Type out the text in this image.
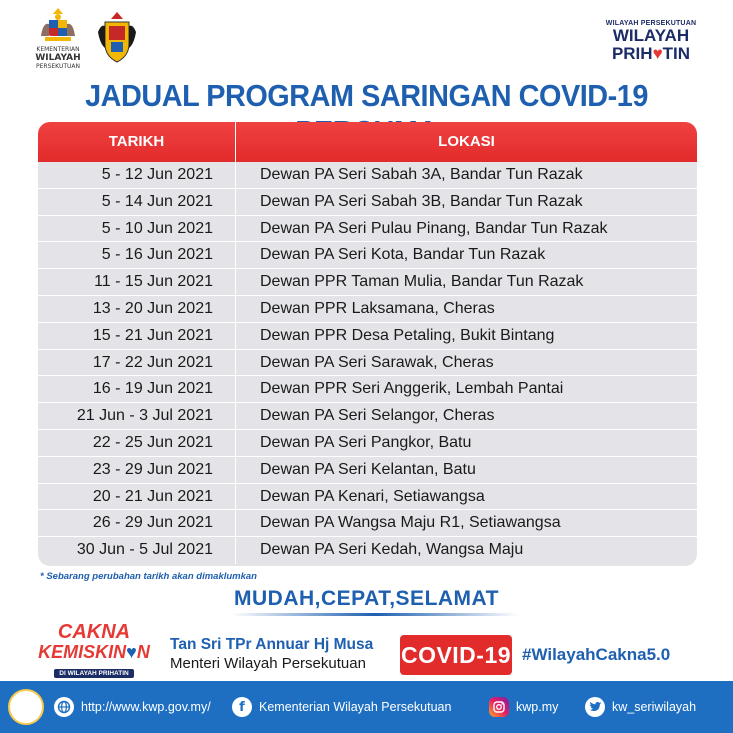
KEMENTERIAN
WILAYAH
PERSEKUTUAN
WILAYAH PERSEKUTUAN
WILAYAH
PRIH♥TIN
JADUAL PROGRAM SARINGAN COVID-19
TARIKH	LOKASI
5 - 12 Jun 2021	Dewan PA Seri Sabah 3A, Bandar Tun Razak
5 - 14 Jun 2021	Dewan PA Seri Sabah 3B, Bandar Tun Razak
5 - 10 Jun 2021	Dewan PA Seri Pulau Pinang, Bandar Tun Razak
5 - 16 Jun 2021	Dewan PA Seri Kota, Bandar Tun Razak
11 - 15 Jun 2021	Dewan PPR Taman Mulia, Bandar Tun Razak
13 - 20 Jun 2021	Dewan PPR Laksamana, Cheras
15 - 21 Jun 2021	Dewan PPR Desa Petaling, Bukit Bintang
17 - 22 Jun 2021	Dewan PA Seri Sarawak, Cheras
16 - 19 Jun 2021	Dewan PPR Seri Anggerik, Lembah Pantai
21 Jun - 3 Jul 2021	Dewan PA Seri Selangor, Cheras
22 - 25 Jun 2021	Dewan PA Seri Pangkor, Batu
23 - 29 Jun 2021	Dewan PA Seri Kelantan, Batu
20 - 21 Jun 2021	Dewan PA Kenari, Setiawangsa
26 - 29 Jun 2021	Dewan PA Wangsa Maju R1, Setiawangsa
30 Jun - 5 Jul 2021	Dewan PA Seri Kedah, Wangsa Maju
* Sebarang perubahan tarikh akan dimaklumkan
MUDAH,CEPAT,SELAMAT
CAKNA
KEMISKIN♥N
DI WILAYAH PRIHATIN
Tan Sri TPr Annuar Hj Musa
Menteri Wilayah Persekutuan	COVID-19 #WilayahCakna5.0
http://www.kwp.gov.my/	f	Kementerian Wilayah Persekutuan	kwp.my	kw_seriwilayah
